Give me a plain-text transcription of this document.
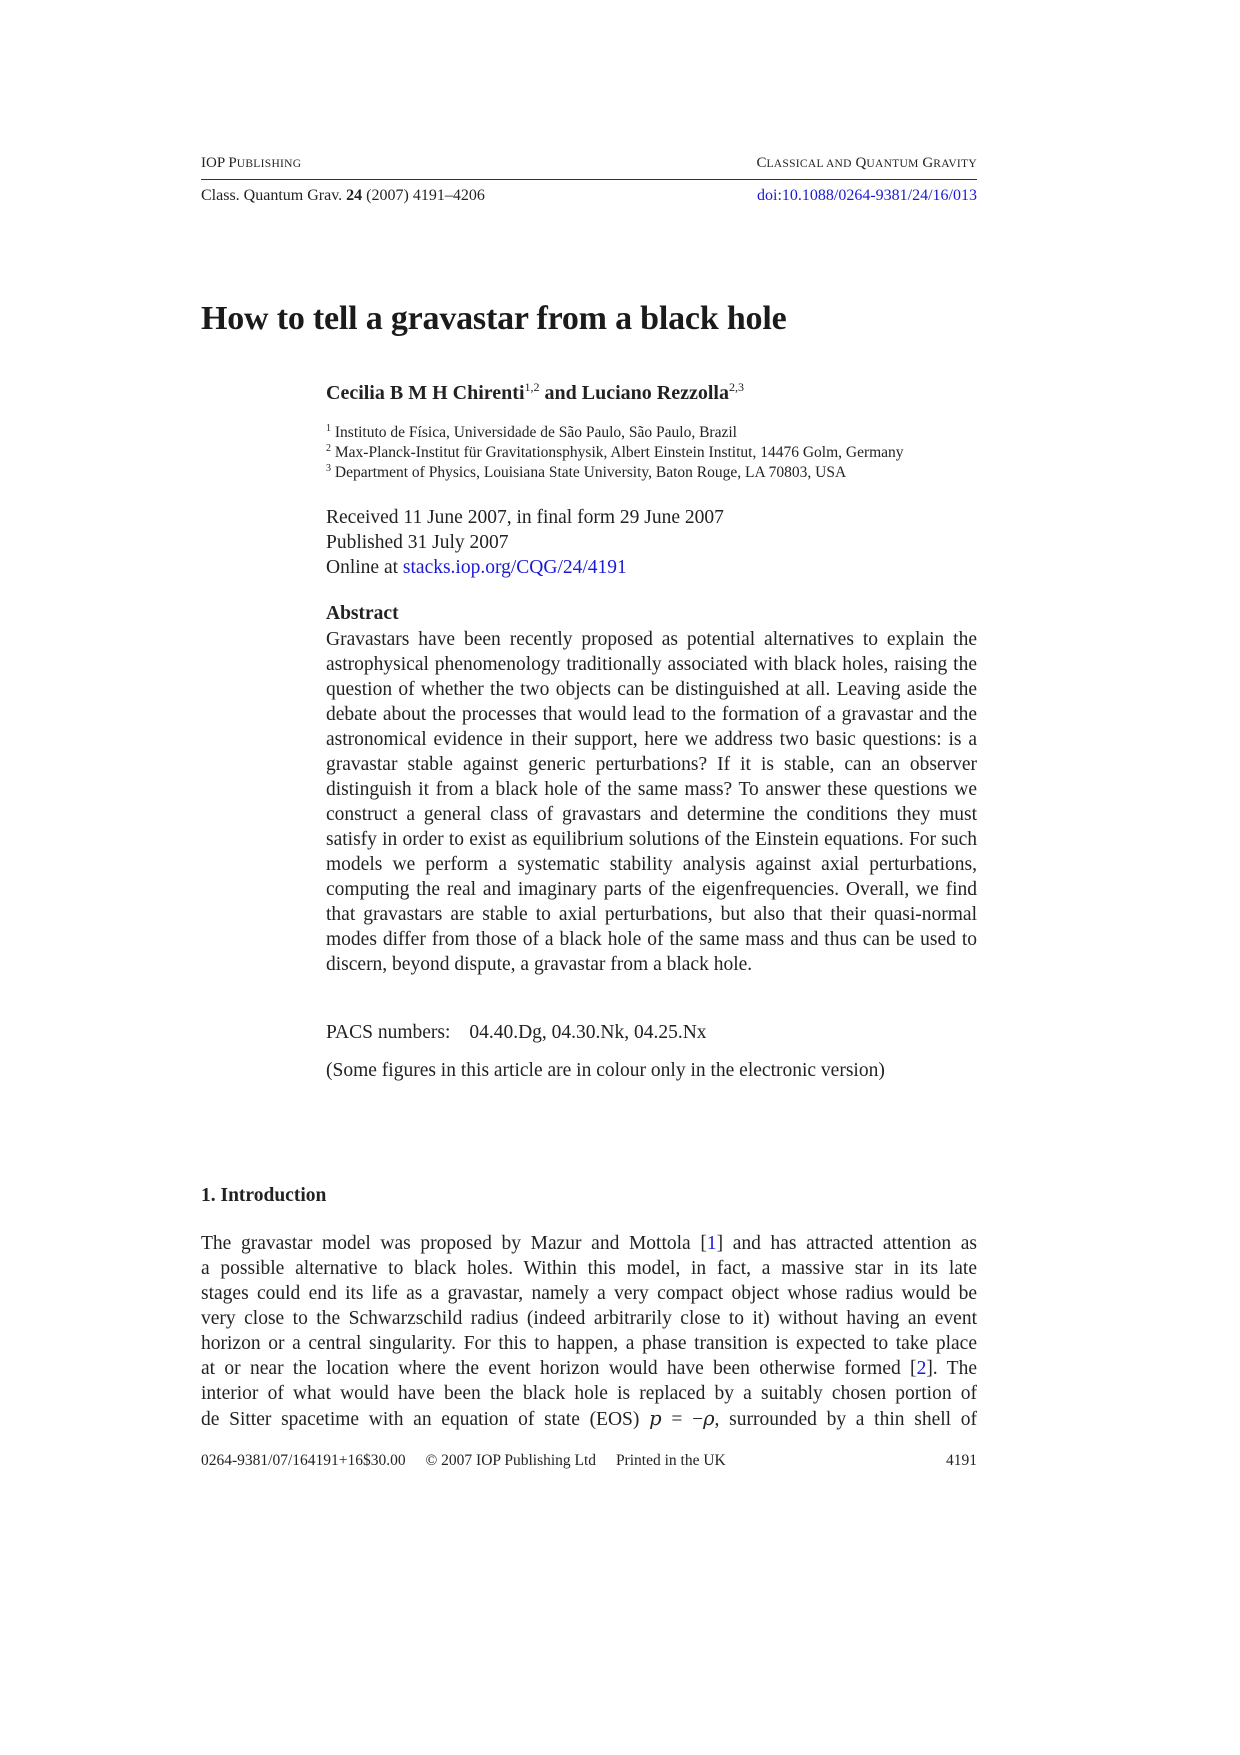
IOP PUBLISHING	CLASSICAL AND QUANTUM GRAVITY
Class. Quantum Grav. 24 (2007) 4191–4206	doi:10.1088/0264-9381/24/16/013
How to tell a gravastar from a black hole
Cecilia B M H Chirenti$^{1,2}$ and Luciano Rezzolla$^{2,3}$
$^1$ Instituto de Física, Universidade de São Paulo, São Paulo, Brazil
$^2$ Max-Planck-Institut für Gravitationsphysik, Albert Einstein Institut, 14476 Golm, Germany
$^3$ Department of Physics, Louisiana State University, Baton Rouge, LA 70803, USA
Received 11 June 2007, in final form 29 June 2007
Published 31 July 2007
Online at stacks.iop.org/CQG/24/4191
Abstract
Gravastars have been recently proposed as potential alternatives to explain the astrophysical phenomenology traditionally associated with black holes, raising the question of whether the two objects can be distinguished at all. Leaving aside the debate about the processes that would lead to the formation of a gravastar and the astronomical evidence in their support, here we address two basic questions: is a gravastar stable against generic perturbations? If it is stable, can an observer distinguish it from a black hole of the same mass? To answer these questions we construct a general class of gravastars and determine the conditions they must satisfy in order to exist as equilibrium solutions of the Einstein equations. For such models we perform a systematic stability analysis against axial perturbations, computing the real and imaginary parts of the eigenfrequencies. Overall, we find that gravastars are stable to axial perturbations, but also that their quasi-normal modes differ from those of a black hole of the same mass and thus can be used to discern, beyond dispute, a gravastar from a black hole.
PACS numbers: 04.40.Dg, 04.30.Nk, 04.25.Nx
(Some figures in this article are in colour only in the electronic version)
1. Introduction
The gravastar model was proposed by Mazur and Mottola [1] and has attracted attention as
a possible alternative to black holes. Within this model, in fact, a massive star in its late
stages could end its life as a gravastar, namely a very compact object whose radius would be
very close to the Schwarzschild radius (indeed arbitrarily close to it) without having an event
horizon or a central singularity. For this to happen, a phase transition is expected to take place
at or near the location where the event horizon would have been otherwise formed [2]. The
interior of what would have been the black hole is replaced by a suitably chosen portion of
de Sitter spacetime with an equation of state (EOS) p = −ρ, surrounded by a thin shell of
0264-9381/07/164191+16$30.00 © 2007 IOP Publishing Ltd Printed in the UK	4191
